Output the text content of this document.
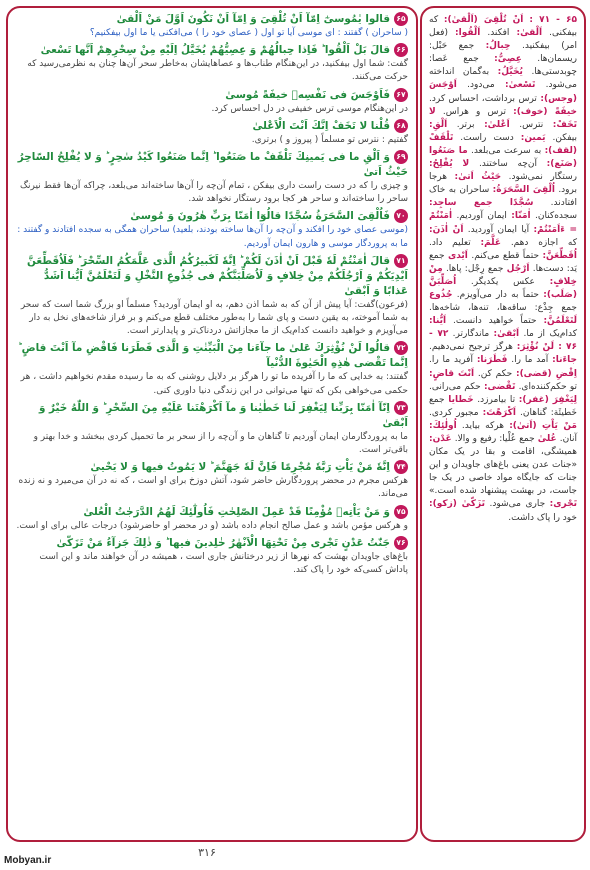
۶۵قالوا يٰمُوسىٰٓ اِمّآ اَنْ تُلْقِىَ وَ اِمّآ اَنْ نَكُونَ اَوَّلَ مَنْ اَلْقىٰ

( ساحران ) گفتند : ای موسی آیا تو اول ( عصای خود را ) می‌افکنی یا ما اول بیفکنیم؟

۶۶قالَ بَلْ اَلْقُوا ؕ فَاِذا حِبالُهُمْ وَ عِصِيُّهُمْ يُخَيَّلُ اِلَيْهِ مِنْ سِحْرِهِمْ اَنَّها تَسْعىٰ

گفت: شما اول بیفکنید، در این‌هنگام طناب‌ها و عصاهایشان به‌خاطر سحر آن‌ها چنان به نظرمی‌رسید که حرکت می‌کنند.

۶۷فَاَوْجَسَ فى نَفْسِهٖ خيفَةً مُوسىٰ

در این‌هنگام موسی ترس خفیفی در دل احساس کرد.

۶۸قُلْنا لا تَخَفْ اِنَّكَ اَنْتَ الْاَعْلىٰ

گفتیم : نترس تو مسلماً ( پیروز و ) برتری.

۶۹وَ اَلْقِ ما فى يَمينِكَ تَلْقَفْ ما صَنَعُوا ؕ اِنَّما صَنَعُوا كَيْدُ سٰحِرٍ ؕ وَ لا يُفْلِحُ السّاحِرُ حَيْثُ اَتىٰ

و چیزی را که در دست راست داری بیفکن ، تمام آن‌چه را آن‌ها ساخته‌اند می‌بلعد، چراکه آن‌ها فقط نیرنگ ساحر را ساخته‌اند و ساحر هر کجا برود رستگار نخواهد شد.

۷۰فَاُلْقِىَ السَّحَرَةُ سُجَّدًا قالُوٓا اٰمَنّا بِرَبِّ هٰرُونَ وَ مُوسىٰ

(موسی عصای خود را افکند و آن‌چه را آن‌ها ساخته بودند، بلعید) ساحران همگی به سجده افتادند و گفتند : ما به پروردگار موسی و هارون ایمان آوردیم.

۷۱قالَ اٰمَنْتُمْ لَهٗ قَبْلَ اَنْ اٰذَنَ لَكُمْ ؕ اِنَّهٗ لَكَبيرُكُمُ الَّذى عَلَّمَكُمُ السِّحْرَ ؕ فَلَاُقَطِّعَنَّ اَيْدِيَكُمْ وَ اَرْجُلَكُمْ مِنْ خِلافٍ وَ لَاُصَلِّبَنَّكُمْ فى جُذُوعِ النَّخْلِ وَ لَتَعْلَمُنَّ اَيُّنا اَشَدُّ عَذابًا وَ اَبْقىٰ

(فرعون)گفت: آیا پیش از آن که به شما اذن دهم، به او ایمان آوردید؟ مسلماً او بزرگ شما است که سحر به شما آموخته، به یقین دست و پای شما را به‌طور مختلف قطع می‌کنم و بر فراز شاخه‌های نخل به دار می‌آویزم و خواهید دانست کدام‌یک از ما مجازاتش دردناک‌تر و پایدارتر است.

۷۲قالُوا لَنْ نُؤْثِرَكَ عَلىٰ ما جآءَنا مِنَ الْبَيِّنٰتِ وَ الَّذى فَطَرَنا فَاقْضِ مآ اَنْتَ قاضٍ ؕ اِنَّما تَقْضى هٰذِهِ الْحَيٰوةَ الدُّنْيآ

گفتند: به خدایی که ما را آفریده ما تو را هرگز بر دلایل روشنی که به ما رسیده مقدم نخواهیم داشت ، هر حکمی می‌خواهی بکن که تنها می‌توانی در این زندگی دنیا داوری کنی.

۷۳اِنّآ اٰمَنّا بِرَبِّنا لِيَغْفِرَ لَنا خَطٰيٰنا وَ مآ اَكْرَهْتَنا عَلَيْهِ مِنَ السِّحْرِ ؕ وَ اللّٰهُ خَيْرٌ وَ اَبْقىٰ

ما به پروردگارمان ایمان آوردیم تا گناهان ما و آن‌چه را از سحر بر ما تحمیل کردی ببخشد و خدا بهتر و باقی‌تر است.

۷۴اِنَّهٗ مَنْ يَاْتِ رَبَّهٗ مُجْرِمًا فَاِنَّ لَهٗ جَهَنَّمَ ؕ لا يَمُوتُ فيها وَ لا يَحْيىٰ

هرکس مجرم در محضر پروردگارش حاضر شود، آتش دوزخ برای او است ، که نه در آن می‌میرد و نه زنده می‌ماند.

۷۵وَ مَنْ يَاْتِهٖ مُؤْمِنًا قَدْ عَمِلَ الصّٰلِحٰتِ فَاُولٰٓئِكَ لَهُمُ الدَّرَجٰتُ الْعُلىٰ

و هرکس مؤمن باشد و عمل صالح انجام داده باشد (و در محضر او حاضرشود) درجات عالی برای او است.

۷۶جَنّٰتُ عَدْنٍ تَجْرى مِنْ تَحْتِهَا الْاَنْهٰرُ خٰلِدينَ فيها ؕ وَ ذٰلِكَ جَزآءُ مَنْ تَزَكّىٰ

باغ‌های جاویدان بهشت که نهرها از زیر درختانش جاری است ، همیشه در آن خواهند ماند و این است پاداش کسی‌که خود را پاک کند.

۶۵ - ۷۱ : اَنْ تُلْقِىَ (اَلْقىٰ): که بیفکنی. اَلْقىٰ: افکند. اَلْقُوا: (فعل امر) بیفکنید. حِبالُ: جمع حَبْل: ریسمان‌ها. عِصِىُّ: جمع عَصا: چوبدستی‌ها. يُخَيَّلُ: به‌گمان انداخته می‌شود. تَسْعىٰ: می‌دود. اَوْجَسَ (وجس): ترس برداشت، احساس کرد. خيفَةً (خوف): ترس و هراس. لا تَخَفْ: نترس. اَعْلىٰ: برتر. اَلْقِ: بیفکن. يَمين: دست راست. تَلْقَفْ (لقف): به سرعت می‌بلعد. ما صَنَعُوا (صَنَع): آن‌چه ساختند. لا يُفْلِحُ: رستگار نمی‌شود. حَيْثُ اَتىٰ: هرجا برود. اُلْقِىَ السَّحَرَةُ: ساحران به خاک افتادند. سُجَّدًا جمع ساجِد: سجده‌کنان. اٰمَنّا: ایمان آوردیم. اٰمَنْتُمْ = ءَاَمَنْتُمْ: آیا ایمان آوردید. اَنْ اٰذَنَ: که اجازه دهم. عَلَّمَ: تعلیم داد. اُقَطِّعَنَّ: حتماً قطع می‌کنم. اَيْدى جمع يَد: دست‌ها. اَرْجُل جمع رِجْل: پاها. مِنْ خِلافٍ: عکس یکدیگر. اُصَلِّبَنَّ (صَلَب): حتماً به دار می‌آویزم. جُذُوع جمع جِذْع: ساقه‌ها، تنه‌ها، شاخه‌ها. لَتَعْلَمُنَّ: حتماً خواهید دانست. اَيُّنا: کدام‌یک از ما. اَبْقىٰ: ماندگارتر. ۷۲ - ۷۶ : لَنْ نُؤْثِرَ: هرگز ترجیح نمی‌دهیم. جاءَنا: آمد ما را. فَطَرَنا: آفرید ما را. اِقْضِ (قضى): حکم کن. اَنْتَ قاضٍ: تو حکم‌کننده‌ای. تَقْضى: حکم می‌رانی. لِيَغْفِرَ (غفر): تا بیامرزد. خَطايا جمع خَطيئَة: گناهان. اَكْرَهْتَ: مجبور کردی. مَنْ يَاْتِ (اَتىٰ): هرکه بیاید. اُولٰئِكَ: آنان. عُلىٰ جمع عُلْيا: رفیع و والا. عَدْن: همیشگی، اقامت و بقا در یک مکان «جنات عدن یعنی باغ‌های جاویدان و این جنات که جایگاه مواد خاصی در یک جا جاست، در بهشت پیشنهاد شده است.» تَجْرى: جاری می‌شود. تَزَكّىٰ (زكو): خود را پاک داشت.
۳۱۶
Mobyan.ir
